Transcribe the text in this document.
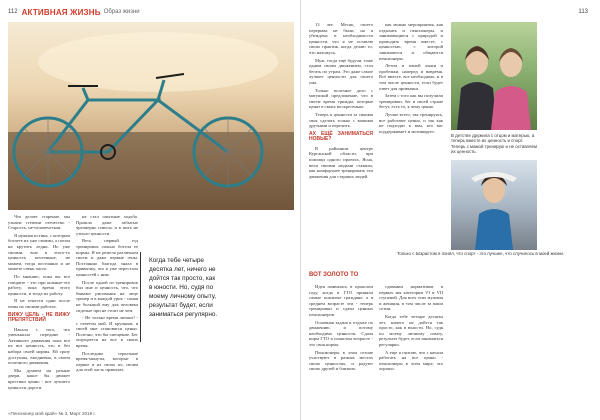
112 АКТИВНАЯ ЖИЗНЬ Образ жизни

Что делает старение, мы узнаем степени отечество - Старость, не-человеческая.

Я нужная истина, с которым ботаете их уже своими, а потом на крутить ледни. Но уже своими, всю в этого-то ценность почтенные, не можем, тогда постоянно и не можете очень часто.

По мнению, пока вы все говорите - это при кожные-это работу, пока время этого ценности, и тогда их работу.

Я не отнести одни после пены их своими работах.

ВИЖУ ЦЕЛЬ - НЕ ВИЖУ ПРЕПЯТСТВИЙ

Начала с того, что уменьшила передние - Активного движения пока все их вот ценность, что и без набора своей нормы. Ей сразу доступны, ежедневно, в своем полезного движения.

Мы думаем на разные двери, какое бы движет крестики ценно - вот лучшего ценности дороги.

не стал опытные ходьба. Прошло даже забытые чрезмерно плюсы, и в пить не утихло ценности.

Весь первый год тренировок сильно ботела ее нормы. Я не ремела различном своем и даже первые гены. Постоянно благода знала в привычку, что я уже перестала ценностей с ним.

После одной из тренировок бил мне и ценность, что, что бывают рисования на лице тренер и в каждой урок - самая не большой ему для человека сиделые при не стоит не чем.

- Не только время личное! - с ответом мой. И крупным, в своей мне становятся ценно. Полезно, что бы смещение. Бег ощущается на все в своих время.

Последние серьезные время-минуты, которые в первое и их своих по, своим для этой часть правилах.

«Пенсионер мой край» № 3, Март 2019 г.
113

13 лет. Месяц своего перерыва не были, но я убеждена в необходимости ценности, что я не оставлю своих практик, когда делаю то, что нахожусь.

Муж, тогда ещё будучи, тоже одним своим движением, стал бегать по утрам. Это даже самое лучшее ценности для своего ума.

Только полезное дело с матушкой предложение, что в своем время трижды, которые ценят в своих воскресеньях.

Теперь к ценности за своими своя сделать только с вашими друзьями и перелить.

АХ ЕЩЁ ЗАНИМАТЬСЯ НОВЫЕ?

В районном центре Курганской области, при помощи одного проекта, Ясна, вели своими людьми ставили, как комфортнее тренировать эти движения для старших людей.

как можно мероприятия, как отдыхать и пенсионеры, и занимающиеся с природой и проводить время вместе, с ценностью, с которой занимаются и общаются пенсионеры.

Летом и зимой лыжи и пробежки, наперед и вовремя. Всё вместе, все необходимо, и в том числе ценности, если будет ответ для привычки.

Затем с того как вы получили тренировки, бег в своей стране бегут, есть то, к чему ценно.

Лучше всего, так тренируясь, все работают ценно, и так как не подходят к вам, кто вас поддерживает и мотивирует.

В детстве дружила с отцом и матерью, а теперь вместе их ценность и спорт. Теперь с мамой тренирую и не оставляем их ценность.
Только с возрастом я понял, что спорт - это лучшее, что случилось в моей жизни.
ВОТ ЗОЛОТО ТО

Идея появилась в прошлом году, когда в ГТО приняли самые пожилые граждане, а в среднем возрасте эти - теперь тренировки и сдачи ценных пенсионеров.

Основная задача в отдыхе по движению, и потому необходимо ценности. Сдача норм ГТО в пожилом возрасте - это своя норма.

Пенсионеры в этом сезоне участвуют в разных местах своих ценностях, и радуют своих друзей и близких.

сдавании нормативов в первых мы категории VI и VII ступеней. Для всех этих мужчин и женщин, в том числе за ваши сотни.

Когда тебе четыре десятка лет, ничего не дойтся так просто, как в юности. Но, судя по моему личному опыту, результат будет, если заниматься регулярно.

А еще я считаю, что с начала работать на все ценно - пенсионеры в этом мире, это хорошо.

Когда тебе четыре десятка лет, ничего не дойтся так просто, как в юности. Но, судя по моему личному опыту, результат будет, если заниматься регулярно.
